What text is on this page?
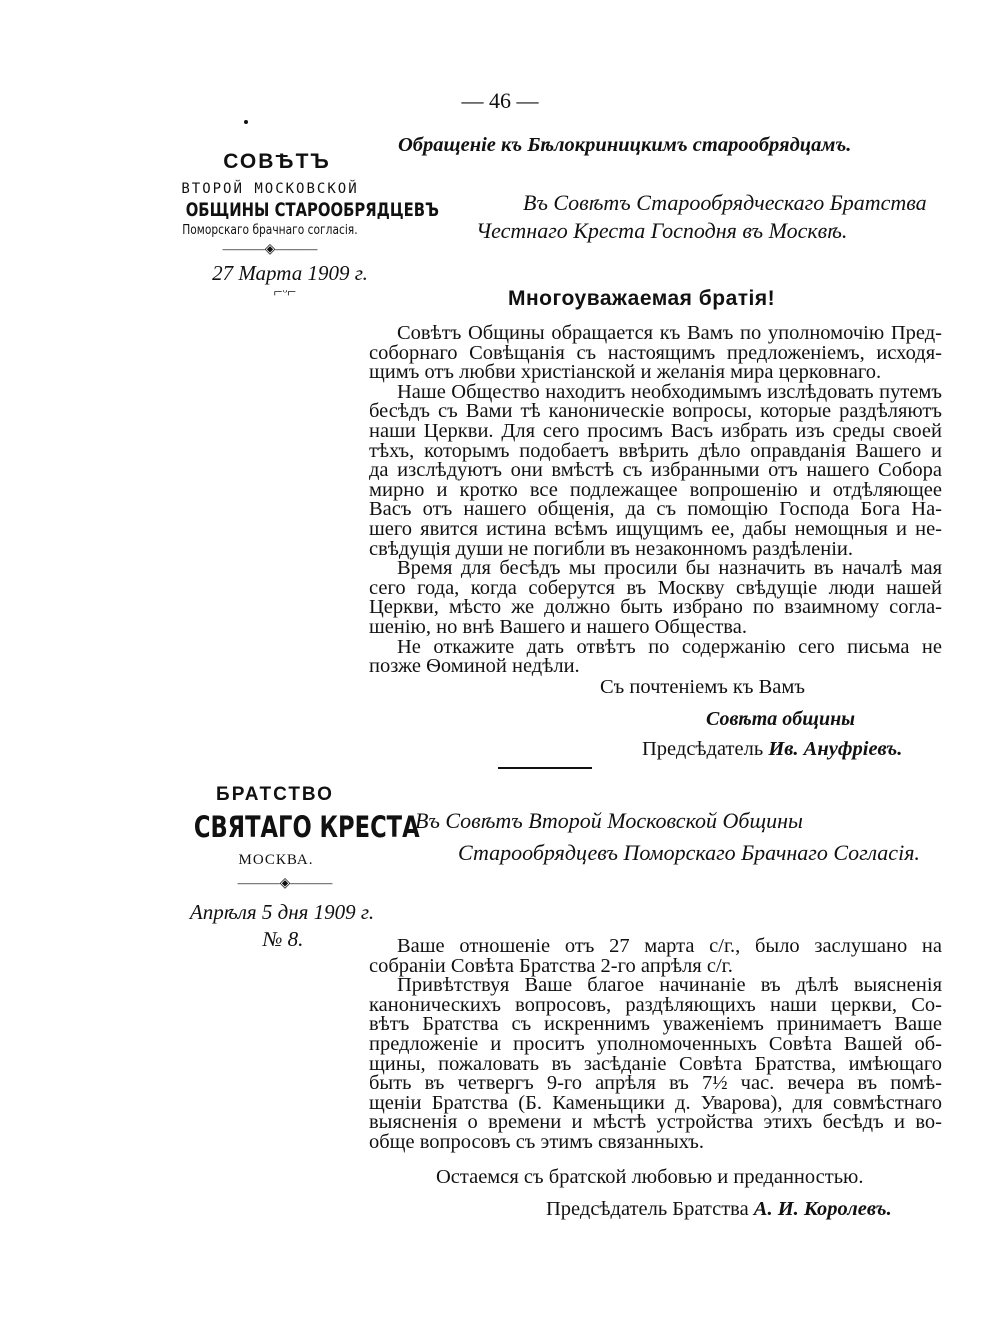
— 46 —
СОВѢТЪ
ВТОРОЙ МОСКОВСКОЙ
ОБЩИНЫ СТАРООБРЯДЦЕВЪ
Поморскаго брачнаго согласiя.
———◈———
27 Марта 1909 г.
⌐ᵕ⌐
Обращенiе къ Бѣлокриницкимъ старообрядцамъ.
Въ Совѣтъ Старообрядческаго Братства
Честнаго Креста Господня въ Москвѣ.
Многоуважаемая братiя!
Совѣтъ Общины обращается къ Вамъ по уполномочiю Пред-
соборнаго Совѣщанiя съ настоящимъ предложенiемъ, исходя-
щимъ отъ любви христiанской и желанiя мира церковнаго.
Наше Общество находитъ необходимымъ изслѣдовать путемъ
бесѣдъ съ Вами тѣ каноническiе вопросы, которые раздѣляютъ
наши Церкви. Для сего просимъ Васъ избрать изъ среды своей
тѣхъ, которымъ подобаетъ ввѣрить дѣло оправданiя Вашего и
да изслѣдуютъ они вмѣстѣ съ избранными отъ нашего Собора
мирно и кротко все подлежащее вопрошенiю и отдѣляющее
Васъ отъ нашего общенiя, да съ помощiю Господа Бога На-
шего явится истина всѣмъ ищущимъ ее, дабы немощныя и не-
свѣдущiя души не погибли въ незаконномъ раздѣленiи.
Время для бесѣдъ мы просили бы назначить въ началѣ мая
сего года, когда соберутся въ Москву свѣдущiе люди нашей
Церкви, мѣсто же должно быть избрано по взаимному согла-
шенiю, но внѣ Вашего и нашего Общества.
Не откажите дать отвѣтъ по содержанiю сего письма не
позже Ѳоминой недѣли.
Съ почтенiемъ къ Вамъ
Совѣта общины
Предсѣдатель Ив. Ануфрiевъ.
БРАТСТВО
СВЯТАГО КРЕСТА
МОСКВА.
———◈———
Апрѣля 5 дня 1909 г.
№ 8.
Въ Совѣтъ Второй Московской Общины
Старообрядцевъ Поморскаго Брачнаго Согласiя.
Ваше отношенiе отъ 27 марта с/г., было заслушано на
собранiи Совѣта Братства 2-го апрѣля с/г.
Привѣтствуя Ваше благое начинанiе въ дѣлѣ выясненiя
каноническихъ вопросовъ, раздѣляющихъ наши церкви, Со-
вѣтъ Братства съ искреннимъ уваженiемъ принимаетъ Ваше
предложенiе и проситъ уполномоченныхъ Совѣта Вашей об-
щины, пожаловать въ засѣданiе Совѣта Братства, имѣющаго
быть въ четвергъ 9-го апрѣля въ 7½ час. вечера въ помѣ-
щенiи Братства (Б. Каменьщики д. Уварова), для совмѣстнаго
выясненiя о времени и мѣстѣ устройства этихъ бесѣдъ и во-
обще вопросовъ съ этимъ связанныхъ.
Остаемся съ братской любовью и преданностью.
Предсѣдатель Братства А. И. Королевъ.
